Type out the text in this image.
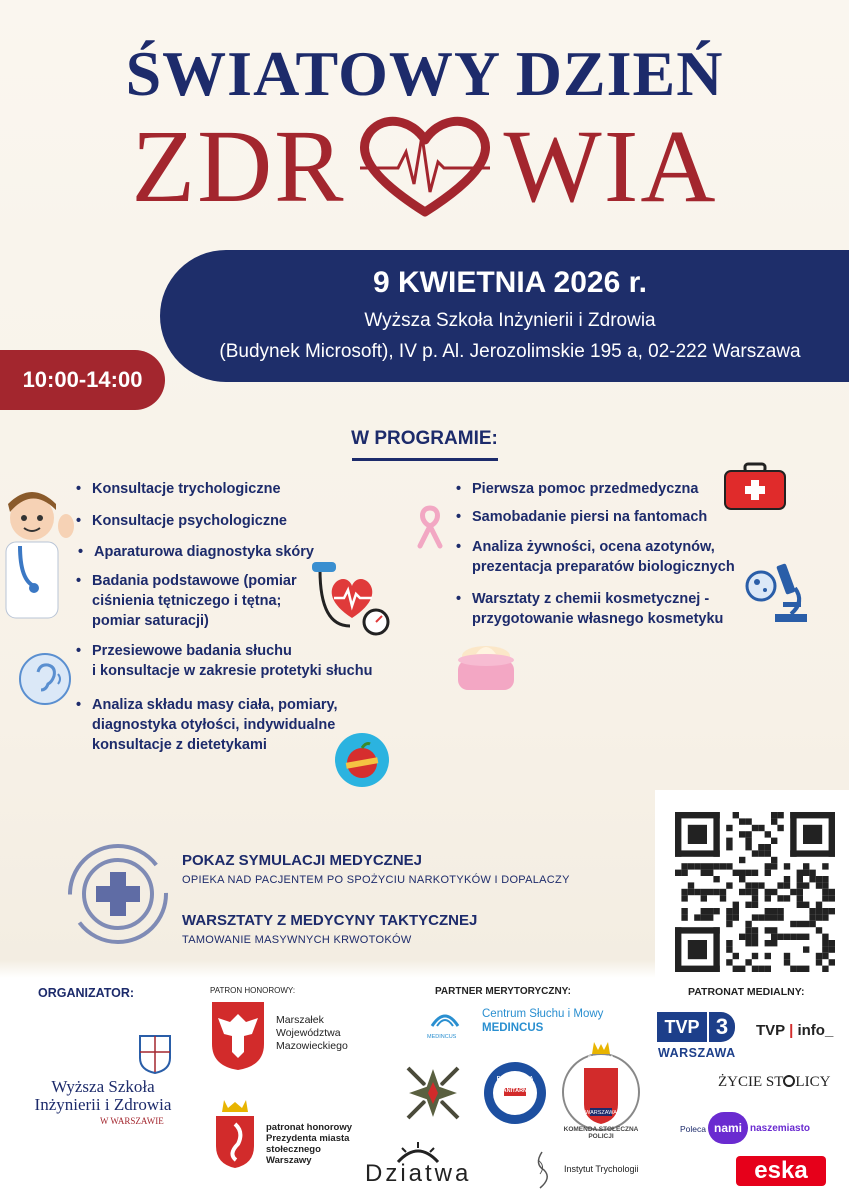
ŚWIATOWY DZIEŃ
ZDR WIA
9 KWIETNIA 2026 r.
Wyższa Szkoła Inżynierii i Zdrowia
(Budynek Microsoft), IV p. Al. Jerozolimskie 195 a, 02-222 Warszawa
10:00-14:00
W PROGRAMIE:
• Konsultacje trychologiczne
• Konsultacje psychologiczne
• Aparaturowa diagnostyka skóry
• Badania podstawowe (pomiar
• Przesiewowe badania słuchu
• Analiza składu masy ciała, pomiary,
ciśnienia tętniczego i tętna;
pomiar saturacji)
i konsultacje w zakresie protetyki słuchu
diagnostyka otyłości, indywidualne
konsultacje z dietetykami
• Pierwsza pomoc przedmedyczna
• Samobadanie piersi na fantomach
• Analiza żywności, ocena azotynów,
• Warsztaty z chemii kosmetycznej -
prezentacja preparatów biologicznych
przygotowanie własnego kosmetyku
POKAZ SYMULACJI MEDYCZNEJ
OPIEKA NAD PACJENTEM PO SPOŻYCIU NARKOTYKÓW I DOPALACZY
WARSZTATY Z MEDYCYNY TAKTYCZNEJ
TAMOWANIE MASYWNYCH KRWOTOKÓW
ORGANIZATOR:
Wyższa Szkoła
Inżynierii i Zdrowia
W WARSZAWIE
PATRON HONOROWY:
Marszałek
Województwa
Mazowieckiego
patronat honorowy
Prezydenta miasta
stołecznego
Warszawy
PARTNER MERYTORYCZNY:
MEDINCUS
Centrum Słuchu i Mowy
MEDINCUS
PAŃSTWOWA INSPEKCJA SANITARNA
KOMENDA STOŁECZNA POLICJI
POLICJA
WARSZAWA
Dziatwa	Instytut Trychologii
PATRONAT MEDIALNY:
TVP 3
WARSZAWA
TVP | info_
ŻYCIE ST LICY
Poleca nami naszemiasto
eska
